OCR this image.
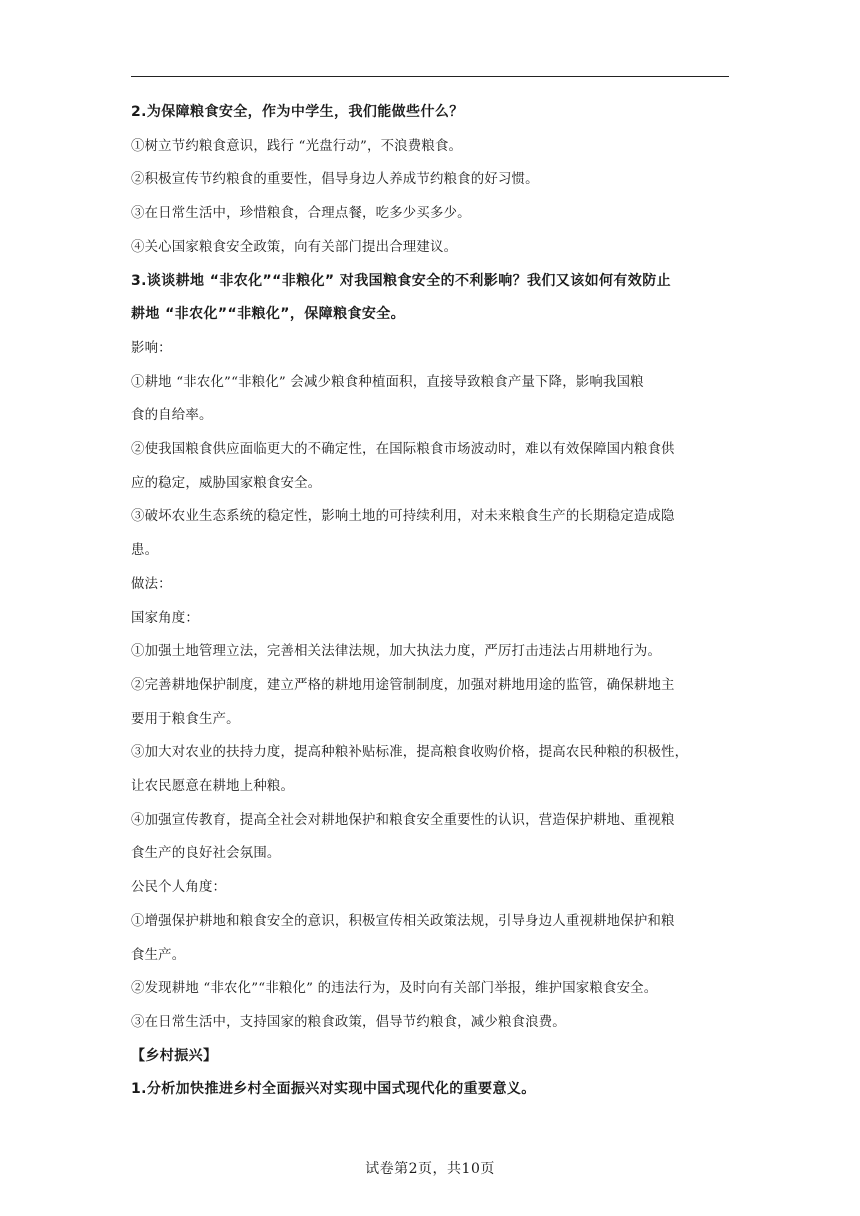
2.为保障粮食安全，作为中学生，我们能做些什么？
①树立节约粮食意识，践行 “光盘行动”，不浪费粮食。
②积极宣传节约粮食的重要性，倡导身边人养成节约粮食的好习惯。
③在日常生活中，珍惜粮食，合理点餐，吃多少买多少。
④关心国家粮食安全政策，向有关部门提出合理建议。
3.谈谈耕地 “非农化”“非粮化” 对我国粮食安全的不利影响？我们又该如何有效防止
耕地 “非农化”“非粮化”，保障粮食安全。
影响：
①耕地 “非农化”“非粮化” 会减少粮食种植面积，直接导致粮食产量下降，影响我国粮
食的自给率。
②使我国粮食供应面临更大的不确定性，在国际粮食市场波动时，难以有效保障国内粮食供
应的稳定，威胁国家粮食安全。
③破坏农业生态系统的稳定性，影响土地的可持续利用，对未来粮食生产的长期稳定造成隐
患。
做法：
国家角度：
①加强土地管理立法，完善相关法律法规，加大执法力度，严厉打击违法占用耕地行为。
②完善耕地保护制度，建立严格的耕地用途管制制度，加强对耕地用途的监管，确保耕地主
要用于粮食生产。
③加大对农业的扶持力度，提高种粮补贴标准，提高粮食收购价格，提高农民种粮的积极性，
让农民愿意在耕地上种粮。
④加强宣传教育，提高全社会对耕地保护和粮食安全重要性的认识，营造保护耕地、重视粮
食生产的良好社会氛围。
公民个人角度：
①增强保护耕地和粮食安全的意识，积极宣传相关政策法规，引导身边人重视耕地保护和粮
食生产。
②发现耕地 “非农化”“非粮化” 的违法行为，及时向有关部门举报，维护国家粮食安全。
③在日常生活中，支持国家的粮食政策，倡导节约粮食，减少粮食浪费。
【乡村振兴】
1.分析加快推进乡村全面振兴对实现中国式现代化的重要意义。
试卷第2页，共10页
